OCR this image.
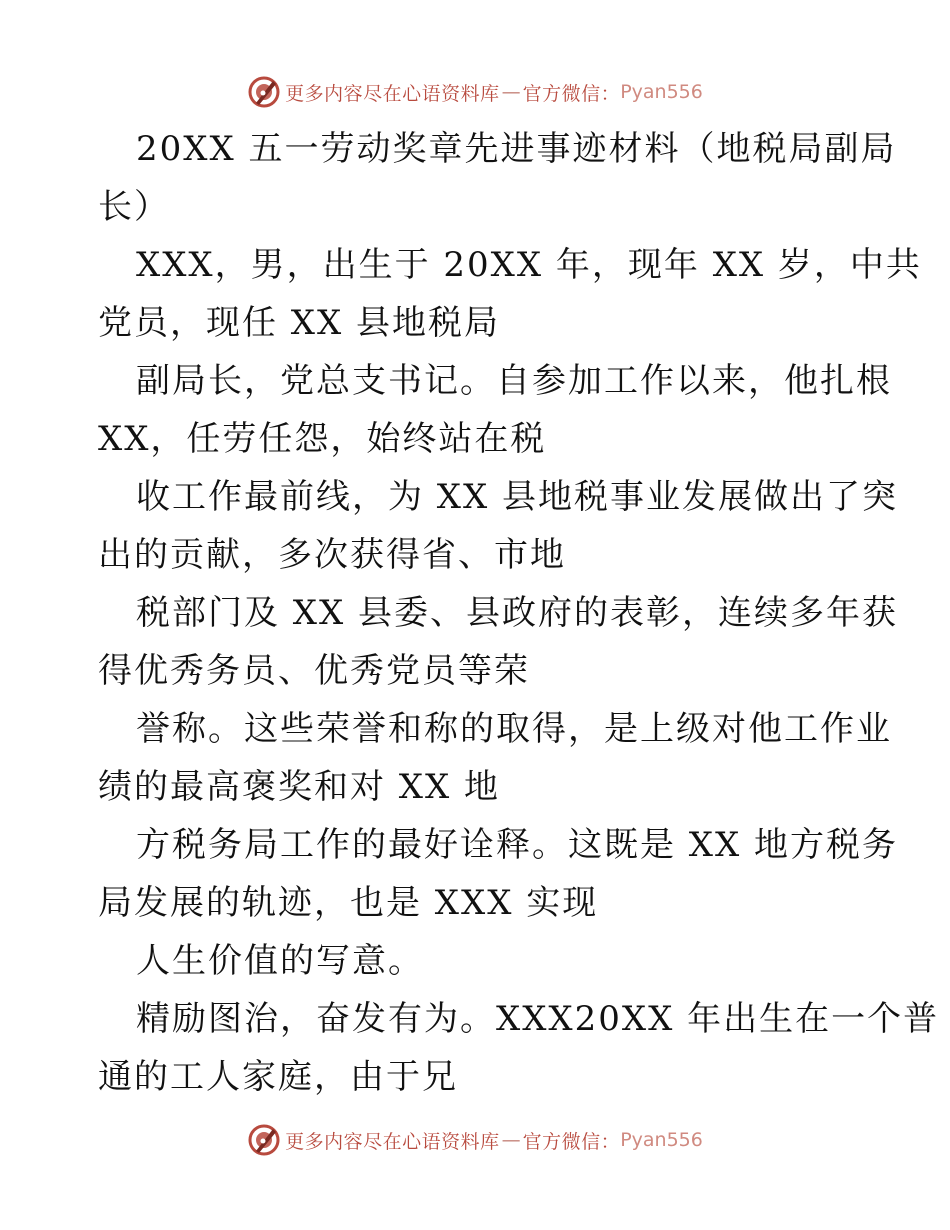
更多内容尽在心语资料库 — 官方微信： Pyan556
20XX 五一劳动奖章先进事迹材料（地税局副局
长）
XXX，男，出生于 20XX 年，现年 XX 岁，中共
党员，现任 XX 县地税局
副局长，党总支书记。自参加工作以来，他扎根
XX，任劳任怨，始终站在税
收工作最前线，为 XX 县地税事业发展做出了突
出的贡献，多次获得省、市地
税部门及 XX 县委、县政府的表彰，连续多年获
得优秀务员、优秀党员等荣
誉称。这些荣誉和称的取得，是上级对他工作业
绩的最高褒奖和对 XX 地
方税务局工作的最好诠释。这既是 XX 地方税务
局发展的轨迹，也是 XXX 实现
人生价值的写意。
精励图治，奋发有为。XXX20XX 年出生在一个普
通的工人家庭，由于兄
更多内容尽在心语资料库 — 官方微信： Pyan556
